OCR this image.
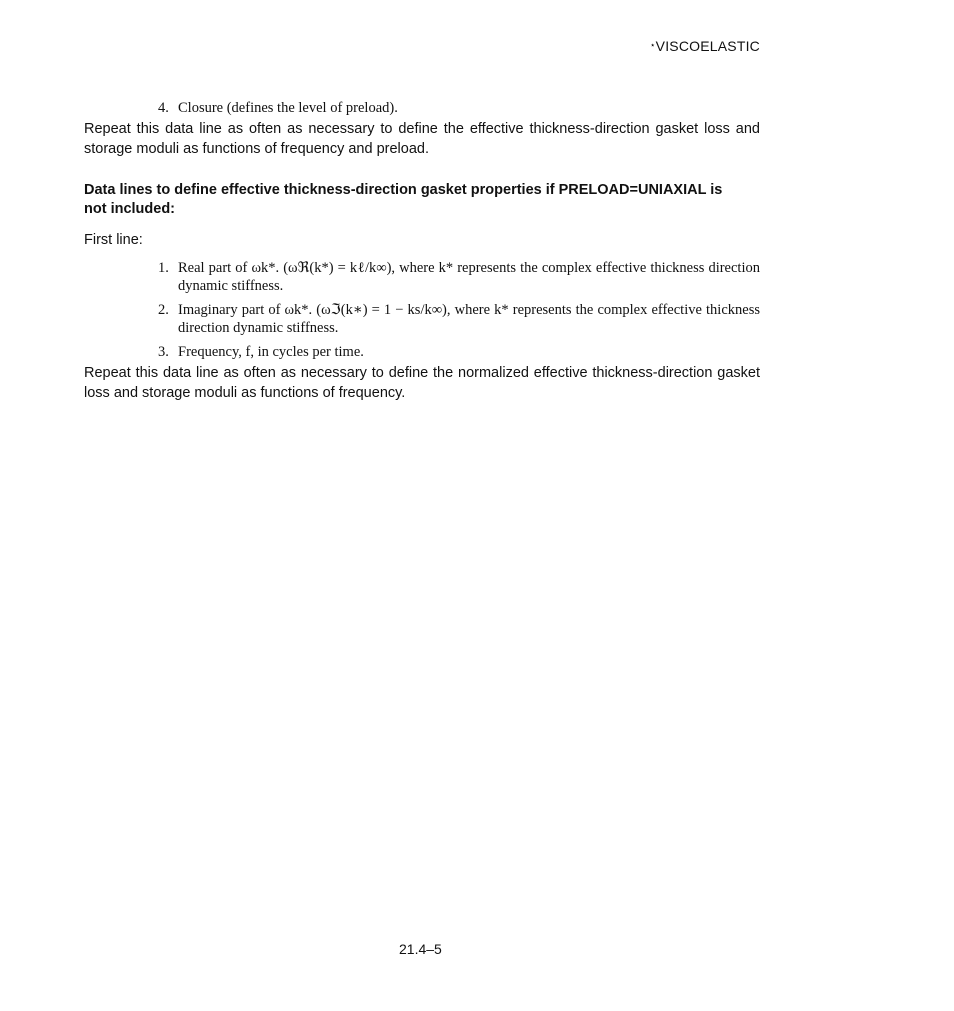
⋆VISCOELASTIC
4. Closure (defines the level of preload).

Repeat this data line as often as necessary to define the effective thickness-direction gasket loss and storage moduli as functions of frequency and preload.

Data lines to define effective thickness-direction gasket properties if PRELOAD=UNIAXIAL is not included:

First line:

1. Real part of ωk*. (ωℜ(k*) = kℓ/k∞), where k* represents the complex effective thickness direction dynamic stiffness.
2. Imaginary part of ωk*. (ωℑ(k∗) = 1 − ks/k∞), where k* represents the complex effective thickness direction dynamic stiffness.
3. Frequency, f, in cycles per time.

Repeat this data line as often as necessary to define the normalized effective thickness-direction gasket loss and storage moduli as functions of frequency.

21.4–5
